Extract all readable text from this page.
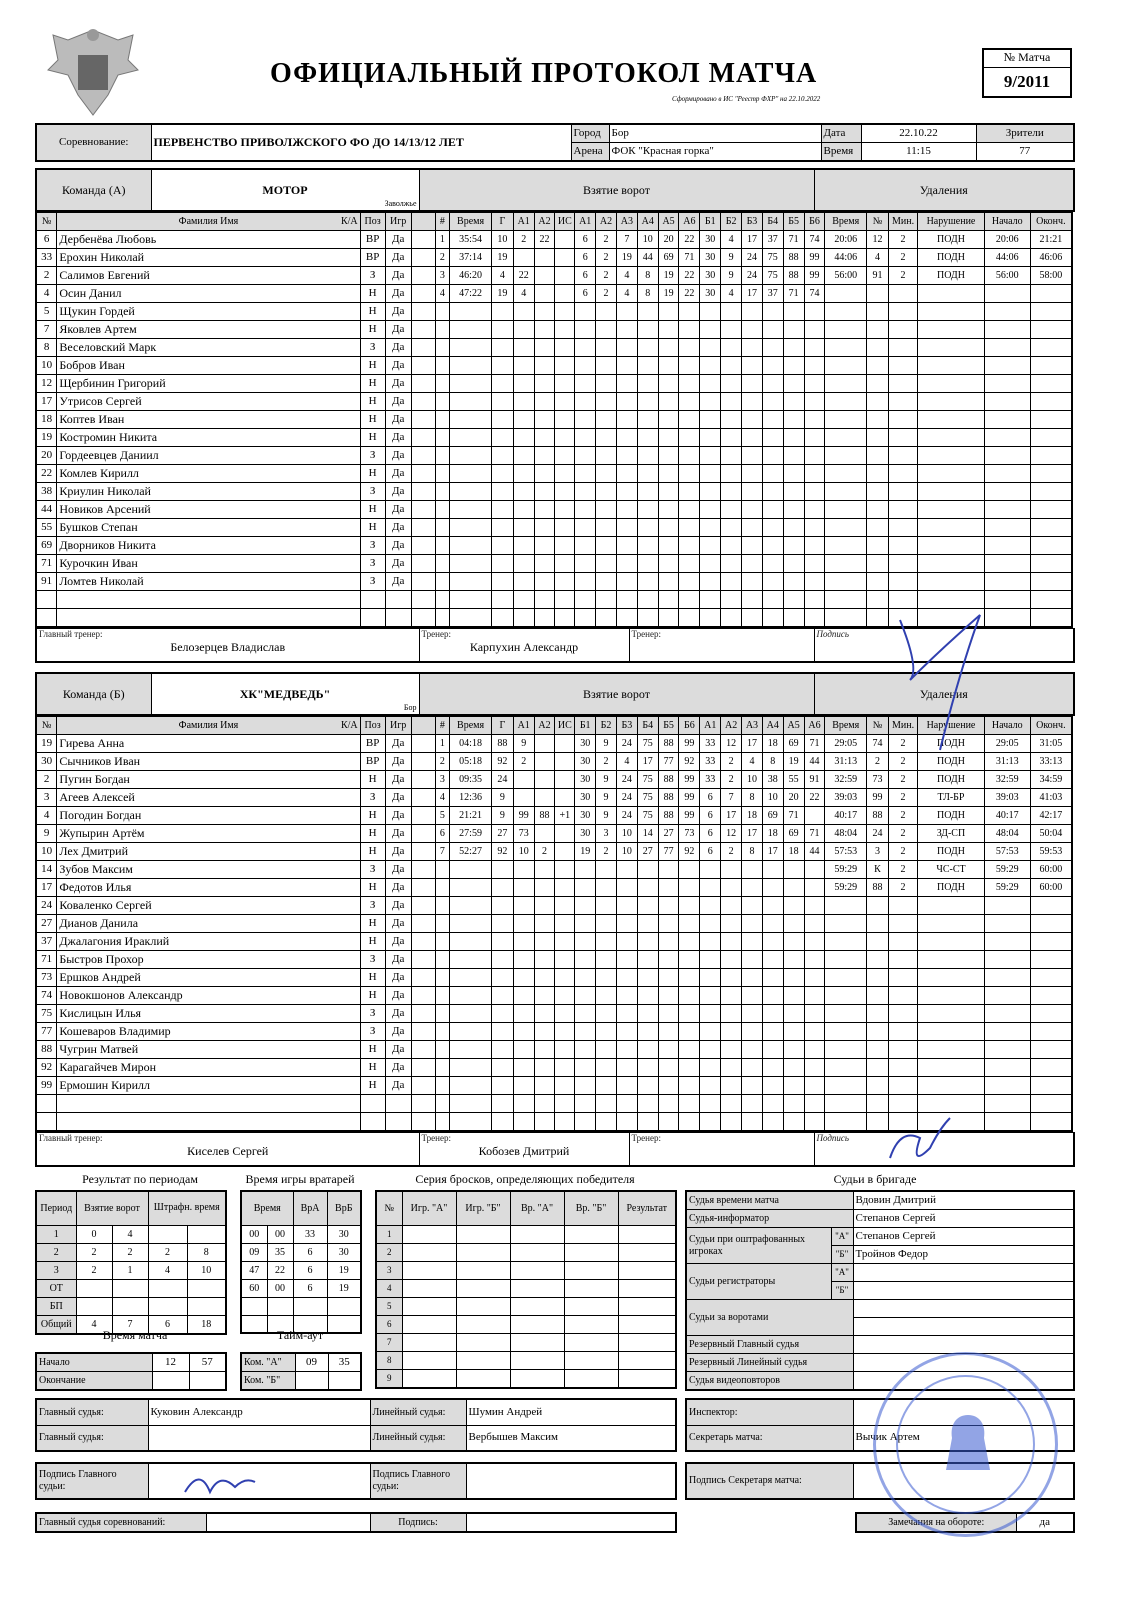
ОФИЦИАЛЬНЫЙ ПРОТОКОЛ МАТЧА
Сформировано в ИС "Реестр ФХР" на 22.10.2022
№ Матча
9/2011
Соревнование:	ПЕРВЕНСТВО ПРИВОЛЖСКОГО ФО ДО 14/13/12 ЛЕТ	Город	Бор	Дата	22.10.22	Зрители
		Арена	ФОК "Красная горка"	Время	11:15	77
Команда (А)	МОТОР
Заволжье
	Взятие ворот	Удаления
№	Фамилия Имя К/А	Поз	Игр		#	Время	Г	А1	А2	ИС	А1	А2	А3	А4	А5	А6	Б1	Б2	Б3	Б4	Б5	Б6	Время	№	Мин.	Нарушение	Начало	Оконч.
6	Дербенёва Любовь	ВР	Да		1	35:54	10	2	22		6	2	7	10	20	22	30	4	17	37	71	74	20:06	12	2	ПОДН	20:06	21:21
33	Ерохин Николай	ВР	Да		2	37:14	19				6	2	19	44	69	71	30	9	24	75	88	99	44:06	4	2	ПОДН	44:06	46:06
2	Салимов Евгений	З	Да		3	46:20	4	22			6	2	4	8	19	22	30	9	24	75	88	99	56:00	91	2	ПОДН	56:00	58:00
4	Осин Данил	Н	Да		4	47:22	19	4			6	2	4	8	19	22	30	4	17	37	71	74						
5	Щукин Гордей	Н	Да																									
7	Яковлев Артем	Н	Да																									
8	Веселовский Марк	З	Да																									
10	Бобров Иван	Н	Да																									
12	Щербинин Григорий	Н	Да																									
17	Утрисов Сергей	Н	Да																									
18	Коптев Иван	Н	Да																									
19	Костромин Никита	Н	Да																									
20	Гордеевцев Даниил	З	Да																									
22	Комлев Кирилл	Н	Да																									
38	Криулин Николай	З	Да																									
44	Новиков Арсений	Н	Да																									
55	Бушков Степан	Н	Да																									
69	Дворников Никита	З	Да																									
71	Курочкин Иван	З	Да																									
91	Ломтев Николай	З	Да																									

Главный тренер:
Белозерцев Владислав

Тренер:
Карпухин Александр

Тренер:	Подпись
Команда (Б)	ХК"МЕДВЕДЬ"
Бор
	Взятие ворот	Удаления
№	Фамилия Имя К/А	Поз	Игр		#	Время	Г	А1	А2	ИС	Б1	Б2	Б3	Б4	Б5	Б6	А1	А2	А3	А4	А5	А6	Время	№	Мин.	Нарушение	Начало	Оконч.
19	Гирева Анна	ВР	Да		1	04:18	88	9			30	9	24	75	88	99	33	12	17	18	69	71	29:05	74	2	ПОДН	29:05	31:05
30	Сычников Иван	ВР	Да		2	05:18	92	2			30	2	4	17	77	92	33	2	4	8	19	44	31:13	2	2	ПОДН	31:13	33:13
2	Пугин Богдан	Н	Да		3	09:35	24				30	9	24	75	88	99	33	2	10	38	55	91	32:59	73	2	ПОДН	32:59	34:59
3	Агеев Алексей	З	Да		4	12:36	9				30	9	24	75	88	99	6	7	8	10	20	22	39:03	99	2	ТЛ-БР	39:03	41:03
4	Погодин Богдан	Н	Да		5	21:21	9	99	88	+1	30	9	24	75	88	99	6	17	18	69	71		40:17	88	2	ПОДН	40:17	42:17
9	Жупырин Артём	Н	Да		6	27:59	27	73			30	3	10	14	27	73	6	12	17	18	69	71	48:04	24	2	ЗД-СП	48:04	50:04
10	Лех Дмитрий	Н	Да		7	52:27	92	10	2		19	2	10	27	77	92	6	2	8	17	18	44	57:53	3	2	ПОДН	57:53	59:53
14	Зубов Максим	З	Да																				59:29	К	2	ЧС-СТ	59:29	60:00
17	Федотов Илья	Н	Да																				59:29	88	2	ПОДН	59:29	60:00
24	Коваленко Сергей	З	Да																									
27	Дианов Данила	Н	Да																									
37	Джалагония Ираклий	Н	Да																									
71	Быстров Прохор	З	Да																									
73	Ершков Андрей	Н	Да																									
74	Новокшонов Александр	Н	Да																									
75	Кислицын Илья	З	Да																									
77	Кошеваров Владимир	З	Да																									
88	Чугрин Матвей	Н	Да																									
92	Карагайчев Мирон	Н	Да																									
99	Ермошин Кирилл	Н	Да																									

Главный тренер:
Киселев Сергей

Тренер:
Кобозев Дмитрий

Тренер:	Подпись
Результат по периодам
Период	Взятие ворот		Штрафн. время	
1	0	4		
2	2	2	2	8
3	2	1	4	10
ОТ				
БП				
Общий	4	7	6	18
Время матча
Начало	12	57
Окончание		
Время игры вратарей
Время		ВрА	ВрБ
00	00	33	30
09	35	6	30
47	22	6	19
60	00	6	19

Тайм-аут
Ком. "А"	09	35
Ком. "Б"		
Серия бросков, определяющих победителя
№	Игр. "А"	Игр. "Б"	Вр. "А"	Вр. "Б"	Результат
1					
2					
3					
4					
5					
6					
7					
8					
9					
Судьи в бригаде
Судья времени матча		Вдовин Дмитрий
Судья-информатор		Степанов Сергей
Судьи при оштрафованных игроках	"А"	Степанов Сергей
	"Б"	Тройнов Федор
Судьи регистраторы	"А"	
	"Б"	
Судьи за воротами		

Резервный Главный судья		
Резервный Линейный судья		
Судья видеоповторов		
Главный судья:	Куковин Александр	Линейный судья:	Шумин Андрей
Главный судья:		Линейный судья:	Вербышев Максим
Инспектор:	
Секретарь матча:	Вычик Артем
Подпись Главного судьи:		Подпись Главного судьи:	
Подпись Секретаря матча:	
Главный судья соревнований:		Подпись:		Замечания на обороте:	да
